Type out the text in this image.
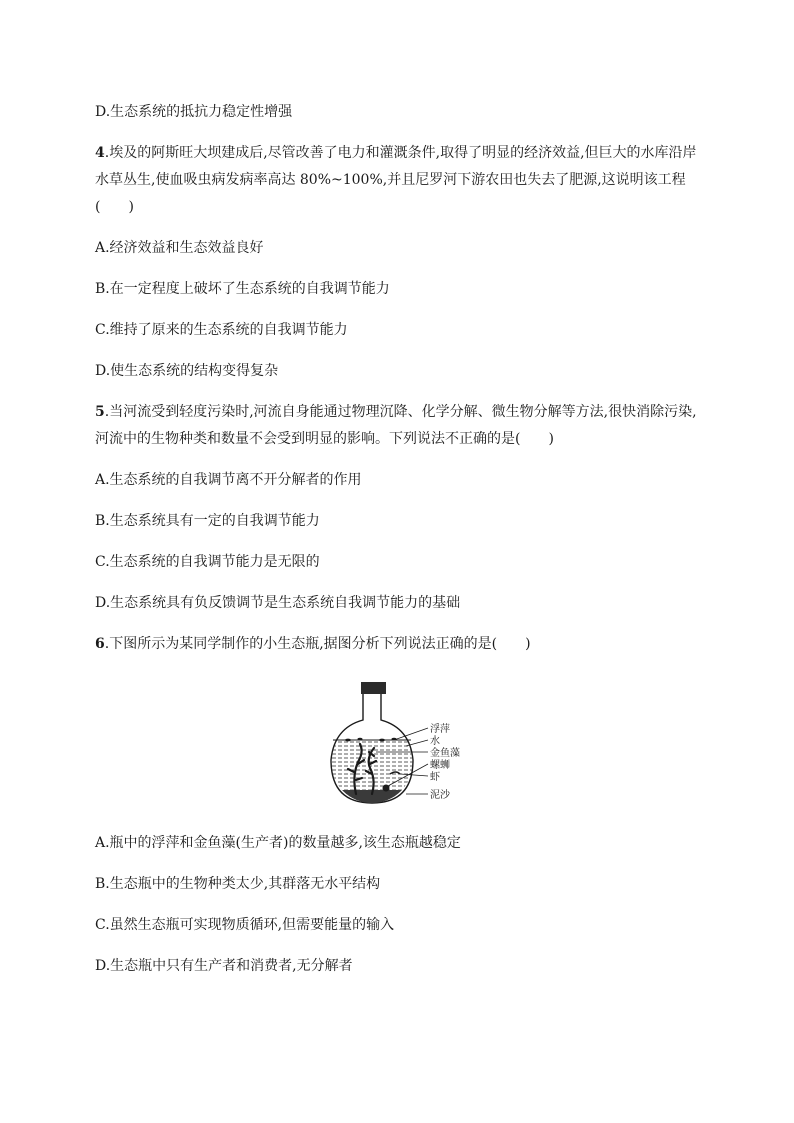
D.生态系统的抵抗力稳定性增强
4.埃及的阿斯旺大坝建成后,尽管改善了电力和灌溉条件,取得了明显的经济效益,但巨大的水库沿岸
水草丛生,使血吸虫病发病率高达 80%~100%,并且尼罗河下游农田也失去了肥源,这说明该工程
(　　)
A.经济效益和生态效益良好
B.在一定程度上破坏了生态系统的自我调节能力
C.维持了原来的生态系统的自我调节能力
D.使生态系统的结构变得复杂
5.当河流受到轻度污染时,河流自身能通过物理沉降、化学分解、微生物分解等方法,很快消除污染,
河流中的生物种类和数量不会受到明显的影响。下列说法不正确的是(　　)
A.生态系统的自我调节离不开分解者的作用
B.生态系统具有一定的自我调节能力
C.生态系统的自我调节能力是无限的
D.生态系统具有负反馈调节是生态系统自我调节能力的基础
6.下图所示为某同学制作的小生态瓶,据图分析下列说法正确的是(　　)
浮萍
水
金鱼藻
螺蛳
虾
泥沙
A.瓶中的浮萍和金鱼藻(生产者)的数量越多,该生态瓶越稳定
B.生态瓶中的生物种类太少,其群落无水平结构
C.虽然生态瓶可实现物质循环,但需要能量的输入
D.生态瓶中只有生产者和消费者,无分解者
